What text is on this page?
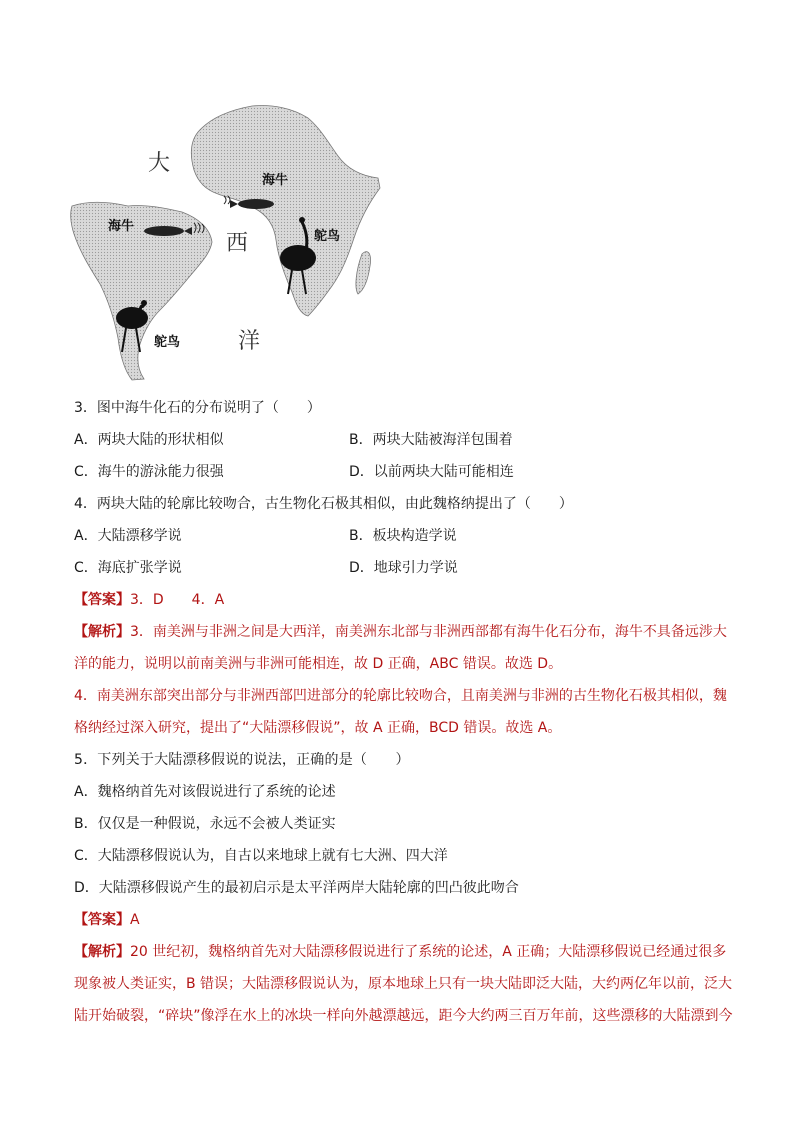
大
西
洋
海牛
海牛
鸵鸟
鸵鸟
3．图中海牛化石的分布说明了（　　）
A．两块大陆的形状相似	B．两块大陆被海洋包围着
C．海牛的游泳能力很强	D．以前两块大陆可能相连
4．两块大陆的轮廓比较吻合，古生物化石极其相似，由此魏格纳提出了（　　）
A．大陆漂移学说	B．板块构造学说
C．海底扩张学说	D．地球引力学说
【答案】3．D　　4．A
【解析】3．南美洲与非洲之间是大西洋，南美洲东北部与非洲西部都有海牛化石分布，海牛不具备远涉大
洋的能力，说明以前南美洲与非洲可能相连，故 D 正确，ABC 错误。故选 D。
4．南美洲东部突出部分与非洲西部凹进部分的轮廓比较吻合，且南美洲与非洲的古生物化石极其相似，魏
格纳经过深入研究，提出了“大陆漂移假说”，故 A 正确，BCD 错误。故选 A。
5．下列关于大陆漂移假说的说法，正确的是（　　）
A．魏格纳首先对该假说进行了系统的论述
B．仅仅是一种假说，永远不会被人类证实
C．大陆漂移假说认为，自古以来地球上就有七大洲、四大洋
D．大陆漂移假说产生的最初启示是太平洋两岸大陆轮廓的凹凸彼此吻合
【答案】A
【解析】20 世纪初，魏格纳首先对大陆漂移假说进行了系统的论述，A 正确；大陆漂移假说已经通过很多
现象被人类证实，B 错误；大陆漂移假说认为，原本地球上只有一块大陆即泛大陆，大约两亿年以前，泛大
陆开始破裂，“碎块”像浮在水上的冰块一样向外越漂越远，距今大约两三百万年前，这些漂移的大陆漂到今
